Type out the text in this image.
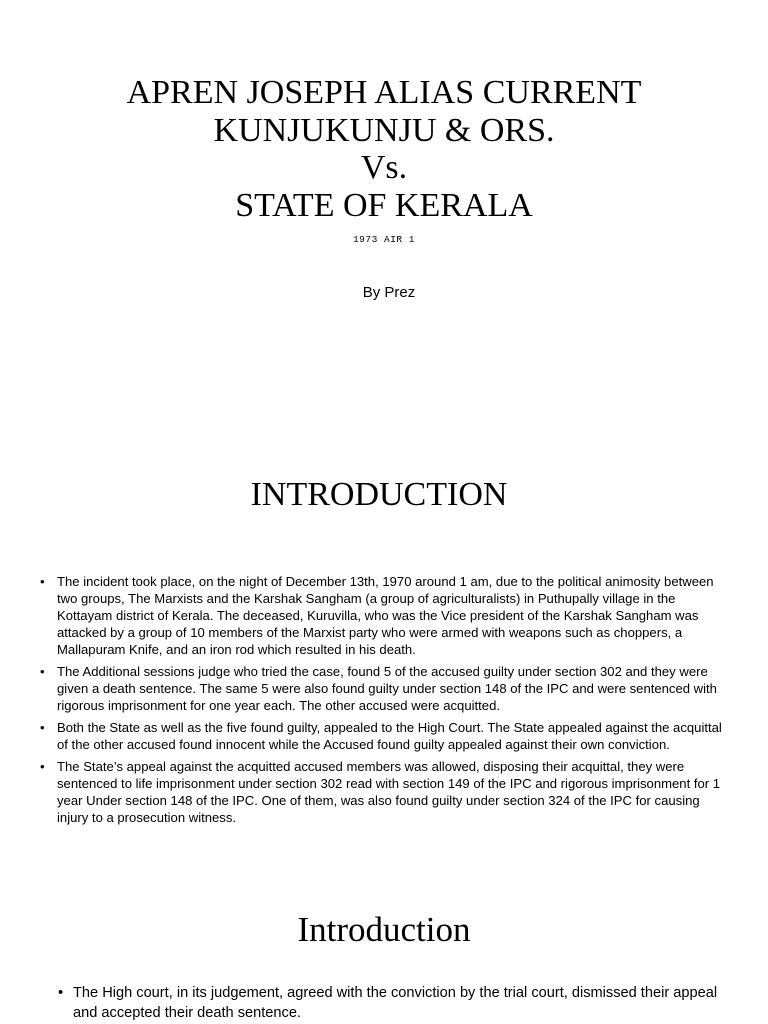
APREN JOSEPH ALIAS CURRENT
KUNJUKUNJU & ORS.
Vs.
STATE OF KERALA
1973 AIR 1
By Prez
INTRODUCTION
• The incident took place, on the night of December 13th, 1970 around 1 am, due to the political animosity between two groups, The Marxists and the Karshak Sangham (a group of agriculturalists) in Puthupally village in the Kottayam district of Kerala. The deceased, Kuruvilla, who was the Vice president of the Karshak Sangham was attacked by a group of 10 members of the Marxist party who were armed with weapons such as choppers, a Mallapuram Knife, and an iron rod which resulted in his death.
• The Additional sessions judge who tried the case, found 5 of the accused guilty under section 302 and they were given a death sentence. The same 5 were also found guilty under section 148 of the IPC and were sentenced with rigorous imprisonment for one year each. The other accused were acquitted.
• Both the State as well as the five found guilty, appealed to the High Court. The State appealed against the acquittal of the other accused found innocent while the Accused found guilty appealed against their own conviction.
• The State’s appeal against the acquitted accused members was allowed, disposing their acquittal, they were sentenced to life imprisonment under section 302 read with section 149 of the IPC and rigorous imprisonment for 1 year Under section 148 of the IPC. One of them, was also found guilty under section 324 of the IPC for causing injury to a prosecution witness.
Introduction
• The High court, in its judgement, agreed with the conviction by the trial court, dismissed their appeal and accepted their death sentence.
